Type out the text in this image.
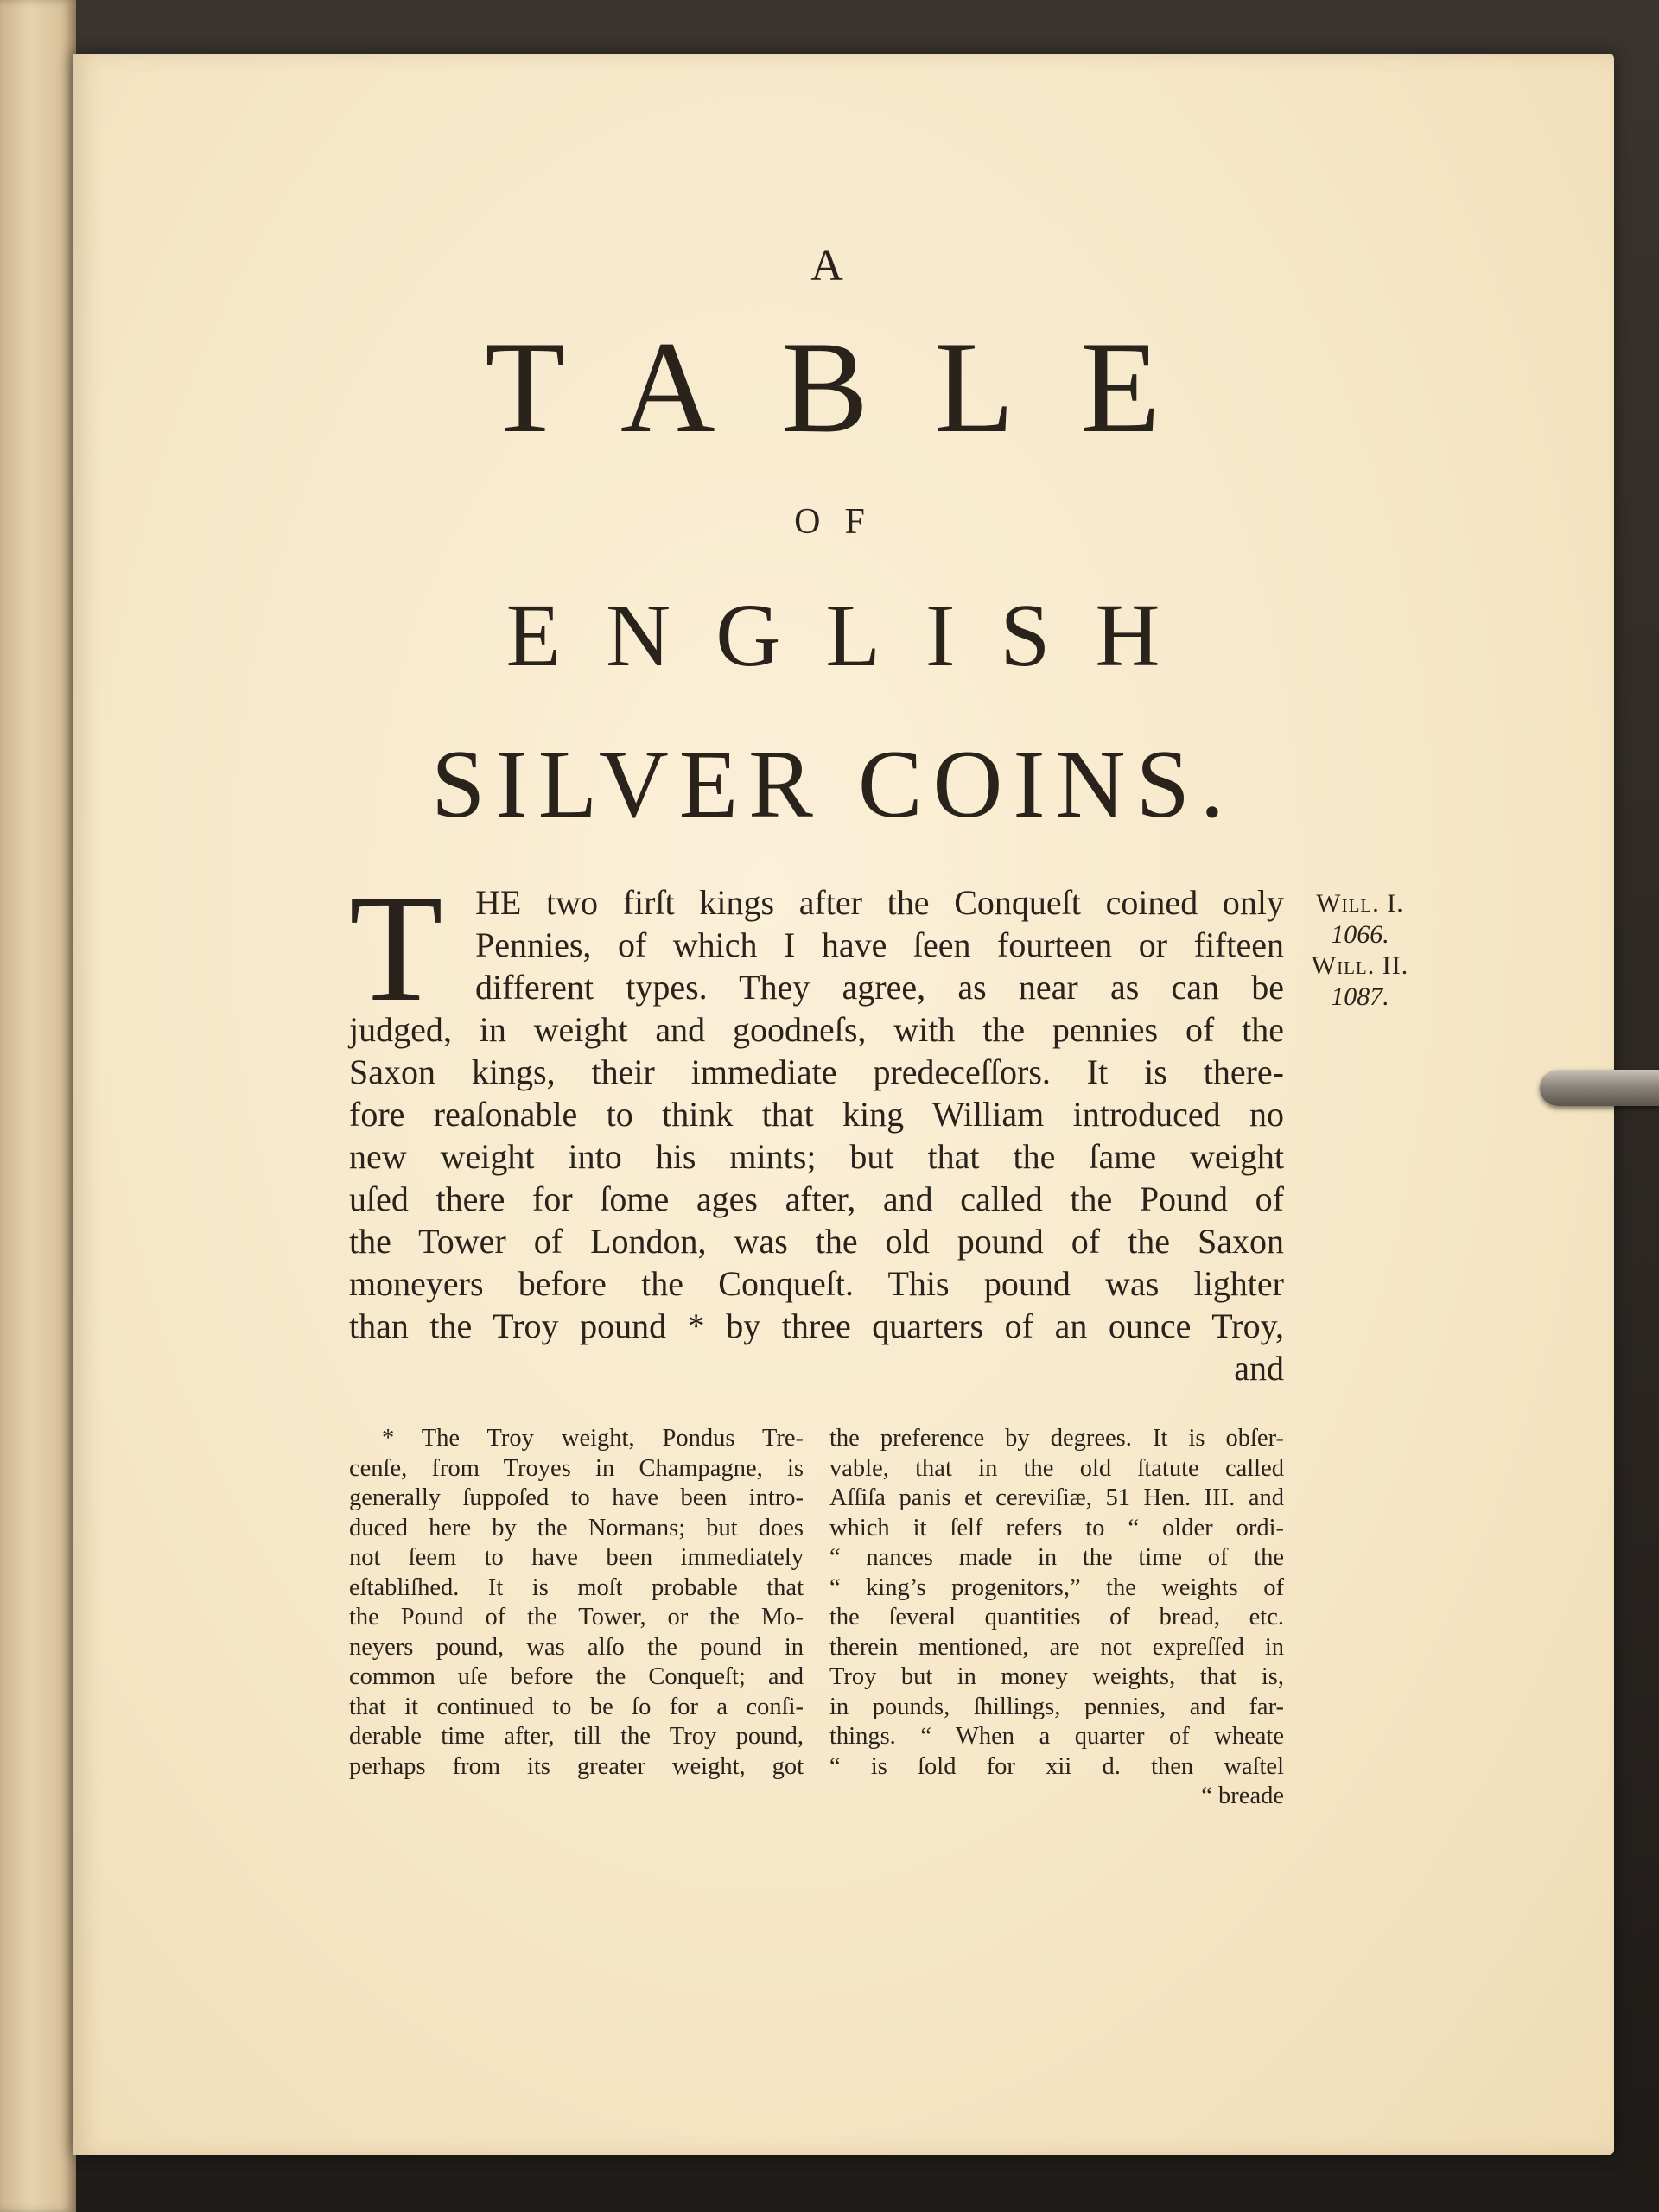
A
TABLE
OF
ENGLISH
SILVER COINS.
T HE two firſt kings after the Conqueſt coined only
Pennies, of which I have ſeen fourteen or fifteen
different types. They agree, as near as can be
judged, in weight and goodneſs, with the pennies of the
Saxon kings, their immediate predeceſſors. It is there-
fore reaſonable to think that king William introduced no
new weight into his mints; but that the ſame weight
uſed there for ſome ages after, and called the Pound of
the Tower of London, was the old pound of the Saxon
moneyers before the Conqueſt. This pound was lighter
than the Troy pound * by three quarters of an ounce Troy,
and
Will. I.
1066.
Will. II.
1087.
* The Troy weight, Pondus Tre-
cenſe, from Troyes in Champagne, is
generally ſuppoſed to have been intro-
duced here by the Normans; but does
not ſeem to have been immediately
eſtabliſhed. It is moſt probable that
the Pound of the Tower, or the Mo-
neyers pound, was alſo the pound in
common uſe before the Conqueſt; and
that it continued to be ſo for a conſi-
derable time after, till the Troy pound,
perhaps from its greater weight, got
the preference by degrees. It is obſer-
vable, that in the old ſtatute called
Aſſiſa panis et cereviſiæ, 51 Hen. III. and
which it ſelf refers to “ older ordi-
“ nances made in the time of the
“ king’s progenitors,” the weights of
the ſeveral quantities of bread, etc.
therein mentioned, are not expreſſed in
Troy but in money weights, that is,
in pounds, ſhillings, pennies, and far-
things. “ When a quarter of wheate
“ is ſold for xii d. then waſtel
“ breade
